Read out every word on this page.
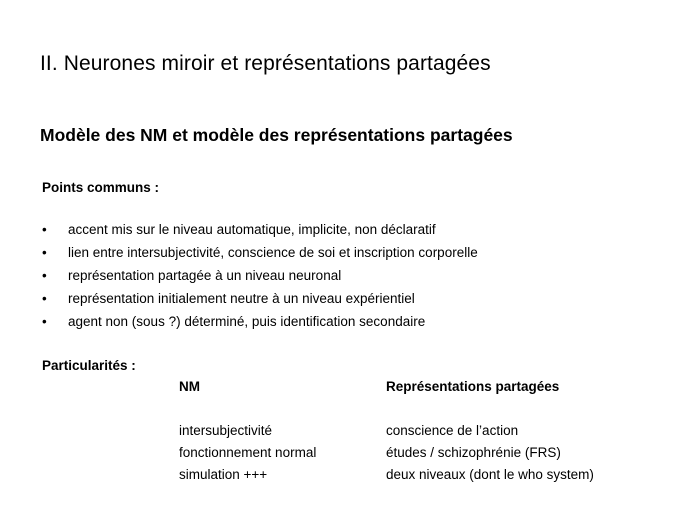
II. Neurones miroir et représentations partagées
Modèle des NM et modèle des représentations partagées
Points communs :
• accent mis sur le niveau automatique, implicite, non déclaratif
• lien entre intersubjectivité, conscience de soi et inscription corporelle
• représentation partagée à un niveau neuronal
• représentation initialement neutre à un niveau expérientiel
• agent non (sous ?) déterminé, puis identification secondaire
Particularités :
NM
intersubjectivité
fonctionnement normal
simulation +++
Représentations partagées
conscience de l’action
études / schizophrénie (FRS)
deux niveaux (dont le who system)
